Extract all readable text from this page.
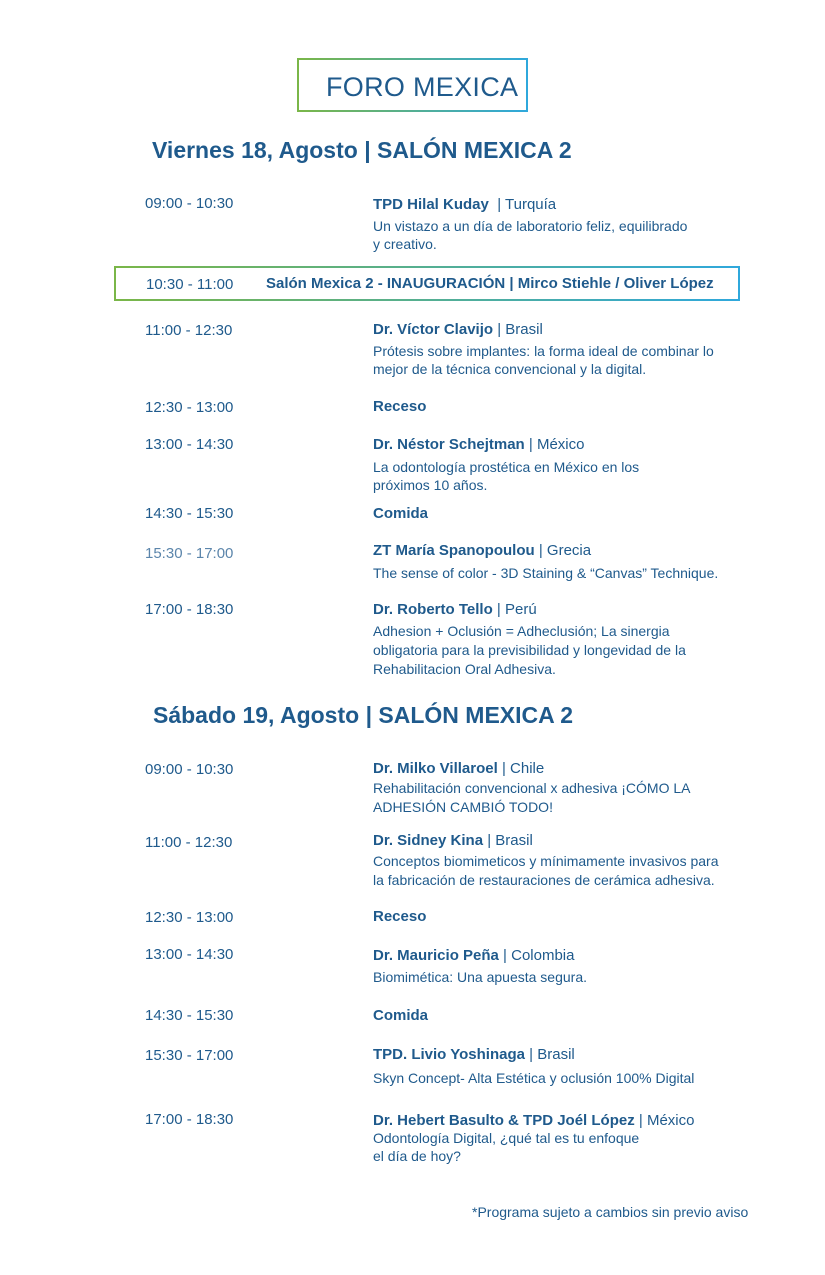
FORO MEXICA
Viernes 18, Agosto | SALÓN MEXICA 2
09:00 - 10:30	TPD Hilal Kuday | Turquía
Un vistazo a un día de laboratorio feliz, equilibrado
y creativo.
10:30 - 11:00 Salón Mexica 2 - INAUGURACIÓN | Mirco Stiehle / Oliver López
11:00 - 12:30	Dr. Víctor Clavijo | Brasil
Prótesis sobre implantes: la forma ideal de combinar lo
mejor de la técnica convencional y la digital.
12:30 - 13:00	Receso
13:00 - 14:30	Dr. Néstor Schejtman | México
La odontología prostética en México en los
próximos 10 años.
14:30 - 15:30	Comida
15:30 - 17:00	ZT María Spanopoulou | Grecia
The sense of color - 3D Staining & “Canvas” Technique.
17:00 - 18:30	Dr. Roberto Tello | Perú
Adhesion + Oclusión = Adheclusión; La sinergia
obligatoria para la previsibilidad y longevidad de la
Rehabilitacion Oral Adhesiva.
Sábado 19, Agosto | SALÓN MEXICA 2
09:00 - 10:30	Dr. Milko Villaroel | Chile
Rehabilitación convencional x adhesiva ¡CÓMO LA
ADHESIÓN CAMBIÓ TODO!
11:00 - 12:30	Dr. Sidney Kina | Brasil
Conceptos biomimeticos y mínimamente invasivos para
la fabricación de restauraciones de cerámica adhesiva.
12:30 - 13:00	Receso
13:00 - 14:30	Dr. Mauricio Peña | Colombia
Biomimética: Una apuesta segura.
14:30 - 15:30	Comida
15:30 - 17:00	TPD. Livio Yoshinaga | Brasil
Skyn Concept- Alta Estética y oclusión 100% Digital
17:00 - 18:30	Dr. Hebert Basulto & TPD Joél López | México
Odontología Digital, ¿qué tal es tu enfoque
el día de hoy?
*Programa sujeto a cambios sin previo aviso
